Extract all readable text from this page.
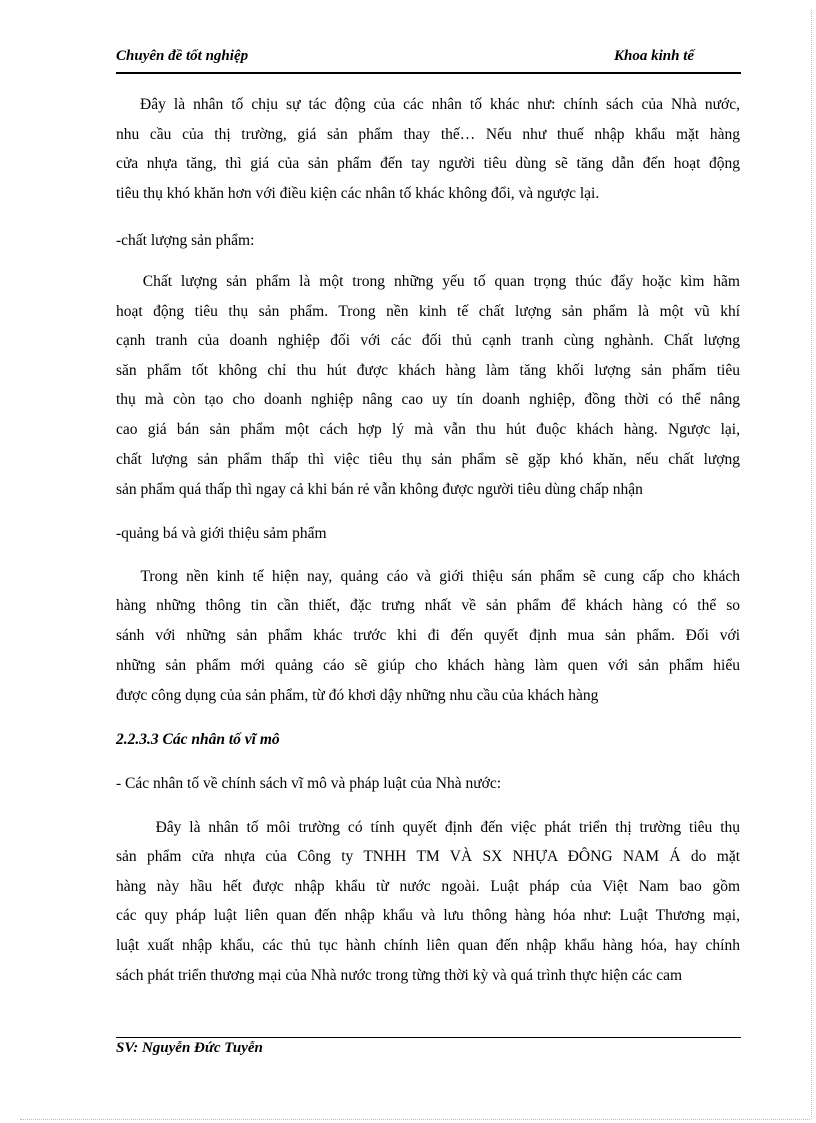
Chuyên đề tốt nghiệp	Khoa kinh tế
Đây là nhân tố chịu sự tác động của các nhân tố khác như: chính sách của Nhà nước,
nhu cầu của thị trường, giá sản phẩm thay thế… Nếu như thuế nhập khẩu mặt hàng
cửa nhựa tăng, thì giá của sản phẩm đến tay người tiêu dùng sẽ tăng dẫn đến hoạt động
tiêu thụ khó khăn hơn với điều kiện các nhân tố khác không đổi, và ngược lại.
-chất lượng sản phẩm:
Chất lượng sản phẩm là một trong những yếu tố quan trọng thúc đẩy hoặc kìm hãm
hoạt động tiêu thụ sản phẩm. Trong nền kinh tế chất lượng sản phẩm là một vũ khí
cạnh tranh của doanh nghiệp đối với các đối thủ cạnh tranh cùng nghành. Chất lượng
săn phẩm tốt không chỉ thu hút được khách hàng làm tăng khối lượng sản phẩm tiêu
thụ mà còn tạo cho doanh nghiệp nâng cao uy tín doanh nghiệp, đồng thời có thể nâng
cao giá bán sản phẩm một cách hợp lý mà vẫn thu hút đuộc khách hàng. Ngược lại,
chất lượng sản phẩm thấp thì việc tiêu thụ sản phẩm sẽ gặp khó khăn, nếu chất lượng
sản phẩm quá thấp thì ngay cả khi bán rẻ vẫn không được người tiêu dùng chấp nhận
-quảng bá và giới thiệu sảm phẩm
Trong nền kinh tế hiện nay, quảng cáo và giới thiệu sán phẩm sẽ cung cấp cho khách
hàng những thông tin cần thiết, đặc trưng nhất về sản phẩm để khách hàng có thể so
sánh với những sản phẩm khác trước khi đi đến quyết định mua sản phẩm. Đối với
những sản phẩm mới quảng cáo sẽ giúp cho khách hàng làm quen với sản phẩm hiểu
được công dụng của sản phẩm, từ đó khơi dậy những nhu cầu của khách hàng
2.2.3.3 Các nhân tố vĩ mô
- Các nhân tố về chính sách vĩ mô và pháp luật của Nhà nước:
Đây là nhân tố môi trường có tính quyết định đến việc phát triển thị trường tiêu thụ
sản phẩm cửa nhựa của Công ty TNHH TM VÀ SX NHỰA ĐÔNG NAM Á do mặt
hàng này hầu hết được nhập khẩu từ nước ngoài. Luật pháp của Việt Nam bao gồm
các quy pháp luật liên quan đến nhập khẩu và lưu thông hàng hóa như: Luật Thương mại,
luật xuất nhập khẩu, các thủ tục hành chính liên quan đến nhập khẩu hàng hóa, hay chính
sách phát triển thương mại của Nhà nước trong từng thời kỳ và quá trình thực hiện các cam
SV: Nguyễn Đức Tuyễn
